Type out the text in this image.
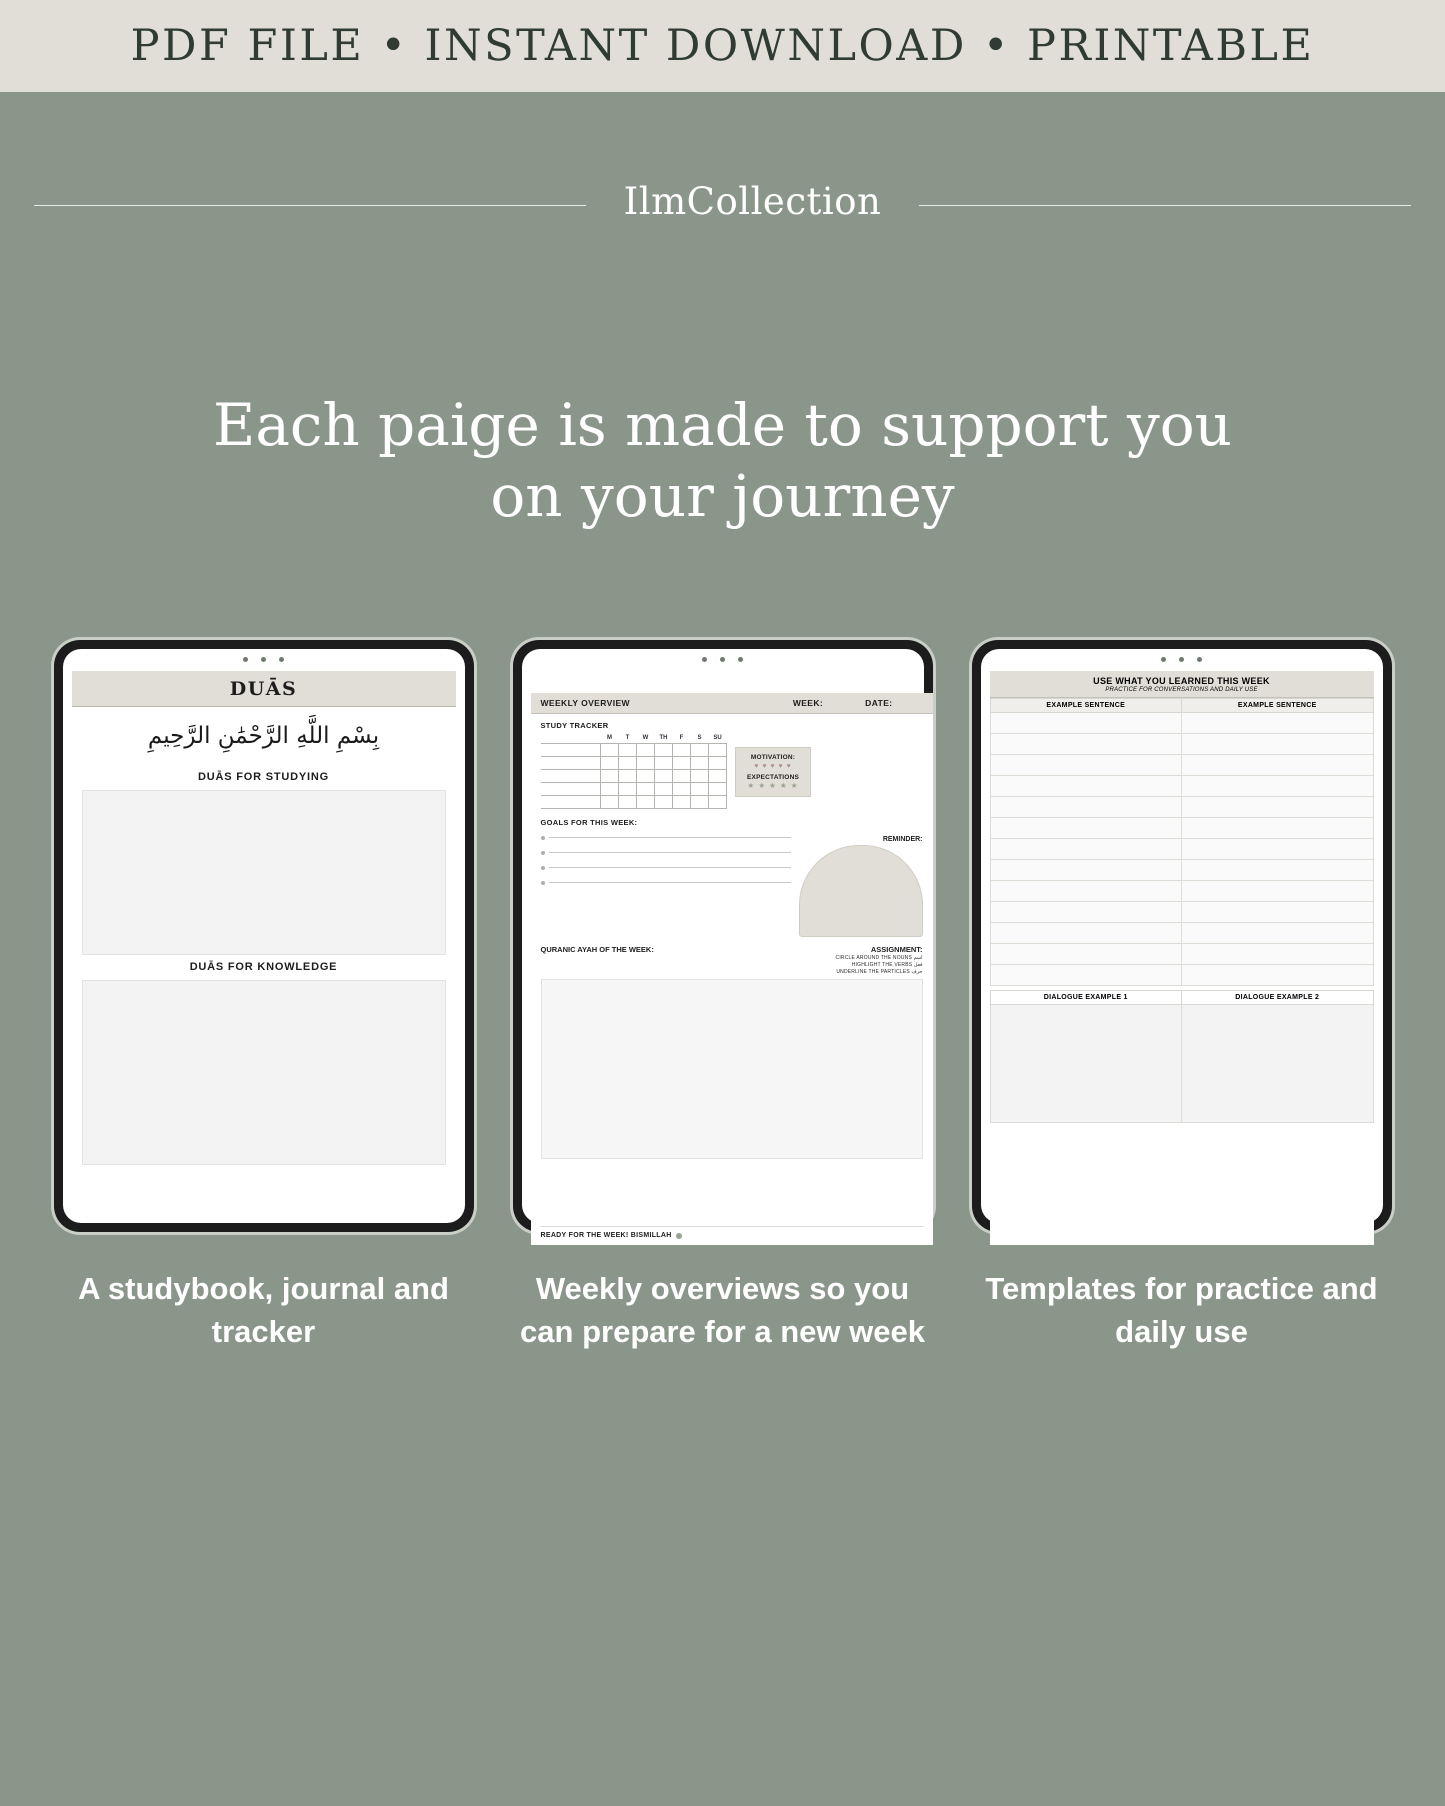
PDF FILE • INSTANT DOWNLOAD • PRINTABLE
IlmCollection
Each paige is made to support you
on your journey
DUĀS
بِسْمِ اللَّهِ الرَّحْمَٰنِ الرَّحِيمِ
DUĀS FOR STUDYING
DUĀS FOR KNOWLEDGE
WEEKLY OVERVIEW	WEEK:	DATE:
STUDY TRACKER
	M	T	W	TH	F	S	SU

MOTIVATION:
♥ ♥ ♥ ♥ ♥
EXPECTATIONS
★ ★ ★ ★ ★
GOALS FOR THIS WEEK:
REMINDER:
QURANIC AYAH OF THE WEEK:	ASSIGNMENT:
CIRCLE AROUND THE NOUNS اسم
HIGHLIGHT THE VERBS فعل
UNDERLINE THE PARTICLES حرف
READY FOR THE WEEK! BISMILLAH
USE WHAT YOU LEARNED THIS WEEK
PRACTICE FOR CONVERSATIONS AND DAILY USE
EXAMPLE SENTENCE	EXAMPLE SENTENCE

DIALOGUE EXAMPLE 1	DIALOGUE EXAMPLE 2

A studybook, journal and tracker
Weekly overviews so you can prepare for a new week
Templates for practice and daily use
